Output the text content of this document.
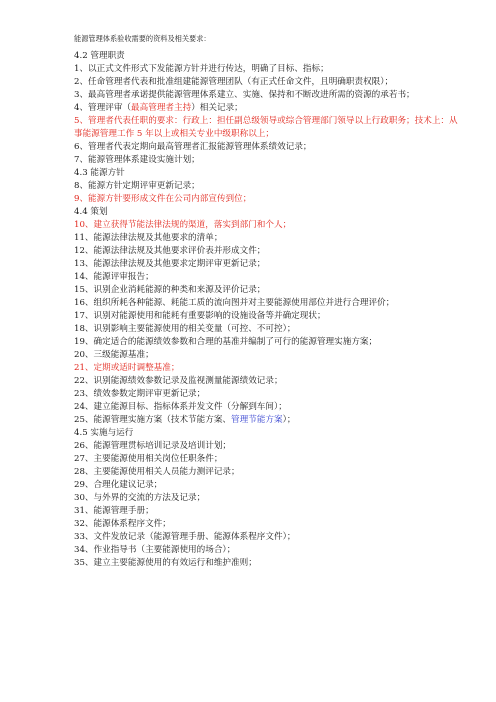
能源管理体系验收需要的资料及相关要求：

4.2 管理职责

1、以正式文件形式下发能源方针并进行传达，明确了目标、指标；

2、任命管理者代表和批准组建能源管理团队（有正式任命文件，且明确职责权限）；

3、最高管理者承诺提供能源管理体系建立、实施、保持和不断改进所需的资源的承若书；

4、管理评审（最高管理者主持）相关记录；

5、管理者代表任职的要求：行政上：担任副总级领导或综合管理部门领导以上行政职务；技术上：从事能源管理工作 5 年以上或相关专业中级职称以上；

6、管理者代表定期向最高管理者汇报能源管理体系绩效记录；

7、能源管理体系建设实施计划；

4.3 能源方针

8、能源方针定期评审更新记录；

9、能源方针要形成文件在公司内部宣传到位；

4.4 策划

10、建立获得节能法律法规的渠道，落实到部门和个人；

11、能源法律法规及其他要求的清单；

12、能源法律法规及其他要求评价表并形成文件；

13、能源法律法规及其他要求定期评审更新记录；

14、能源评审报告；

15、识别企业消耗能源的种类和来源及评价记录；

16、组织所耗各种能源、耗能工质的流向图并对主要能源使用部位并进行合理评价；

17、识别对能源使用和能耗有重要影响的设施设备等并确定现状；

18、识别影响主要能源使用的相关变量（可控、不可控）；

19、确定适合的能源绩效参数和合理的基准并编制了可行的能源管理实施方案；

20、三级能源基准；

21、定期或适时调整基准；

22、识别能源绩效参数记录及监视测量能源绩效记录；

23、绩效参数定期评审更新记录；

24、建立能源目标、指标体系并发文件（分解到车间）；

25、能源管理实施方案（技术节能方案、管理节能方案）；

4.5 实施与运行

26、能源管理贯标培训记录及培训计划；

27、主要能源使用相关岗位任职条件；

28、主要能源使用相关人员能力测评记录；

29、合理化建议记录；

30、与外界的交流的方法及记录；

31、能源管理手册；

32、能源体系程序文件；

33、文件发放记录（能源管理手册、能源体系程序文件）；

34、作业指导书（主要能源使用的场合）；

35、建立主要能源使用的有效运行和维护准则；
